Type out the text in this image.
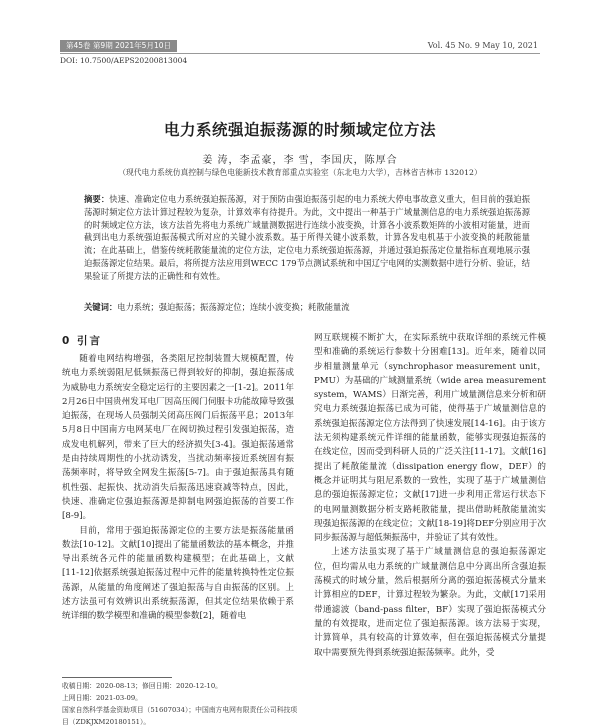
第45卷 第9期 2021年5月10日	Vol. 45 No. 9 May 10, 2021
DOI: 10.7500/AEPS20200813004
电力系统强迫振荡源的时频域定位方法
姜 涛，李孟豪，李 雪，李国庆，陈厚合
（现代电力系统仿真控制与绿色电能新技术教育部重点实验室（东北电力大学），吉林省吉林市 132012）

摘要：快速、准确定位电力系统强迫振荡源，对于预防由强迫振荡引起的电力系统大停电事故意义重大，但目前的强迫振荡源时频定位方法计算过程较为复杂，计算效率有待提升。为此，文中提出一种基于广域量测信息的电力系统强迫振荡源的时频域定位方法，该方法首先将电力系统广域量测数据进行连续小波变换，计算各小波系数矩阵的小波相对能量，进而截到出电力系统强迫振荡模式所对应的关键小波系数。基于所得关键小波系数，计算各发电机基于小波变换的耗散能量流；在此基础上，借鉴传统耗散能量流的定位方法，定位电力系统强迫振荡源，并通过强迫振荡定位量指标直观地展示强迫振荡源定位结果。最后，将所提方法应用到WECC 179节点测试系统和中国辽宁电网的实测数据中进行分析、验证，结果验证了所提方法的正确性和有效性。

关键词：电力系统；强迫振荡；振荡源定位；连续小波变换；耗散能量流

0 引言

随着电网结构增强，各类阻尼控制装置大规模配置，传统电力系统弱阻尼低频振荡已得到较好的抑制，强迫振荡成为威胁电力系统安全稳定运行的主要因素之一[1-2]。2011年2月26日中国贵州发耳电厂因高压阀门伺服卡功能故障导致强迫振荡，在现场人员强制关闭高压阀门后振荡平息；2013年5月8日中国南方电网某电厂在阀切换过程引发强迫振荡，造成发电机解列，带来了巨大的经济损失[3-4]。强迫振荡通常是由持续周期性的小扰动诱发，当扰动频率接近系统固有振荡频率时，将导致全网发生振荡[5-7]。由于强迫振荡具有随机性强、起振快、扰动消失后振荡迅速衰减等特点，因此，快速、准确定位强迫振荡源是抑制电网强迫振荡的首要工作[8-9]。

目前，常用于强迫振荡源定位的主要方法是振荡能量函数法[10-12]。文献[10]提出了能量函数法的基本概念，并推导出系统各元件的能量函数构建模型；在此基础上，文献[11-12]依据系统强迫振荡过程中元件的能量转换特性定位振荡源，从能量的角度阐述了强迫振荡与自由振荡的区别。上述方法虽可有效辨识出系统振荡源，但其定位结果依赖于系统详细的数学模型和准确的模型参数[2]，随着电

网互联规模不断扩大，在实际系统中获取详细的系统元件模型和准确的系统运行参数十分困难[13]。近年来，随着以同步相量测量单元（synchrophasor measurement unit，PMU）为基础的广域测量系统（wide area measurement system，WAMS）日渐完善，利用广域量测信息来分析和研究电力系统强迫振荡已成为可能，使得基于广域量测信息的系统强迫振荡源定位方法得到了快速发展[14-16]。由于该方法无须构建系统元件详细的能量函数，能够实现强迫振荡的在线定位，因而受到科研人员的广泛关注[11-17]。文献[16]提出了耗散能量流（dissipation energy flow，DEF）的概念并证明其与阻尼系数的一致性，实现了基于广域量测信息的强迫振荡源定位；文献[17]进一步利用正常运行状态下的电网量测数据分析支路耗散能量，提出借助耗散能量流实现强迫振荡源的在线定位；文献[18-19]将DEF分别应用于次同步振荡源与超低频振荡中，并验证了其有效性。

上述方法虽实现了基于广域量测信息的强迫振荡源定位，但均需从电力系统的广域量测信息中分离出所含强迫振荡模式的时域分量，然后根据所分离的强迫振荡模式分量来计算相应的DEF，计算过程较为繁杂。为此，文献[17]采用带通滤波（band-pass filter，BF）实现了强迫振荡模式分量的有效提取，进而定位了强迫振荡源。该方法易于实现，计算简单，具有较高的计算效率，但在强迫振荡模式分量提取中需要预先得到系统强迫振荡频率。此外，受

收稿日期：2020-08-13；修回日期：2020-12-10。

上网日期：2021-03-09。

国家自然科学基金资助项目（51607034）；中国南方电网有限责任公司科技项目（ZDKJXM20180151）。
